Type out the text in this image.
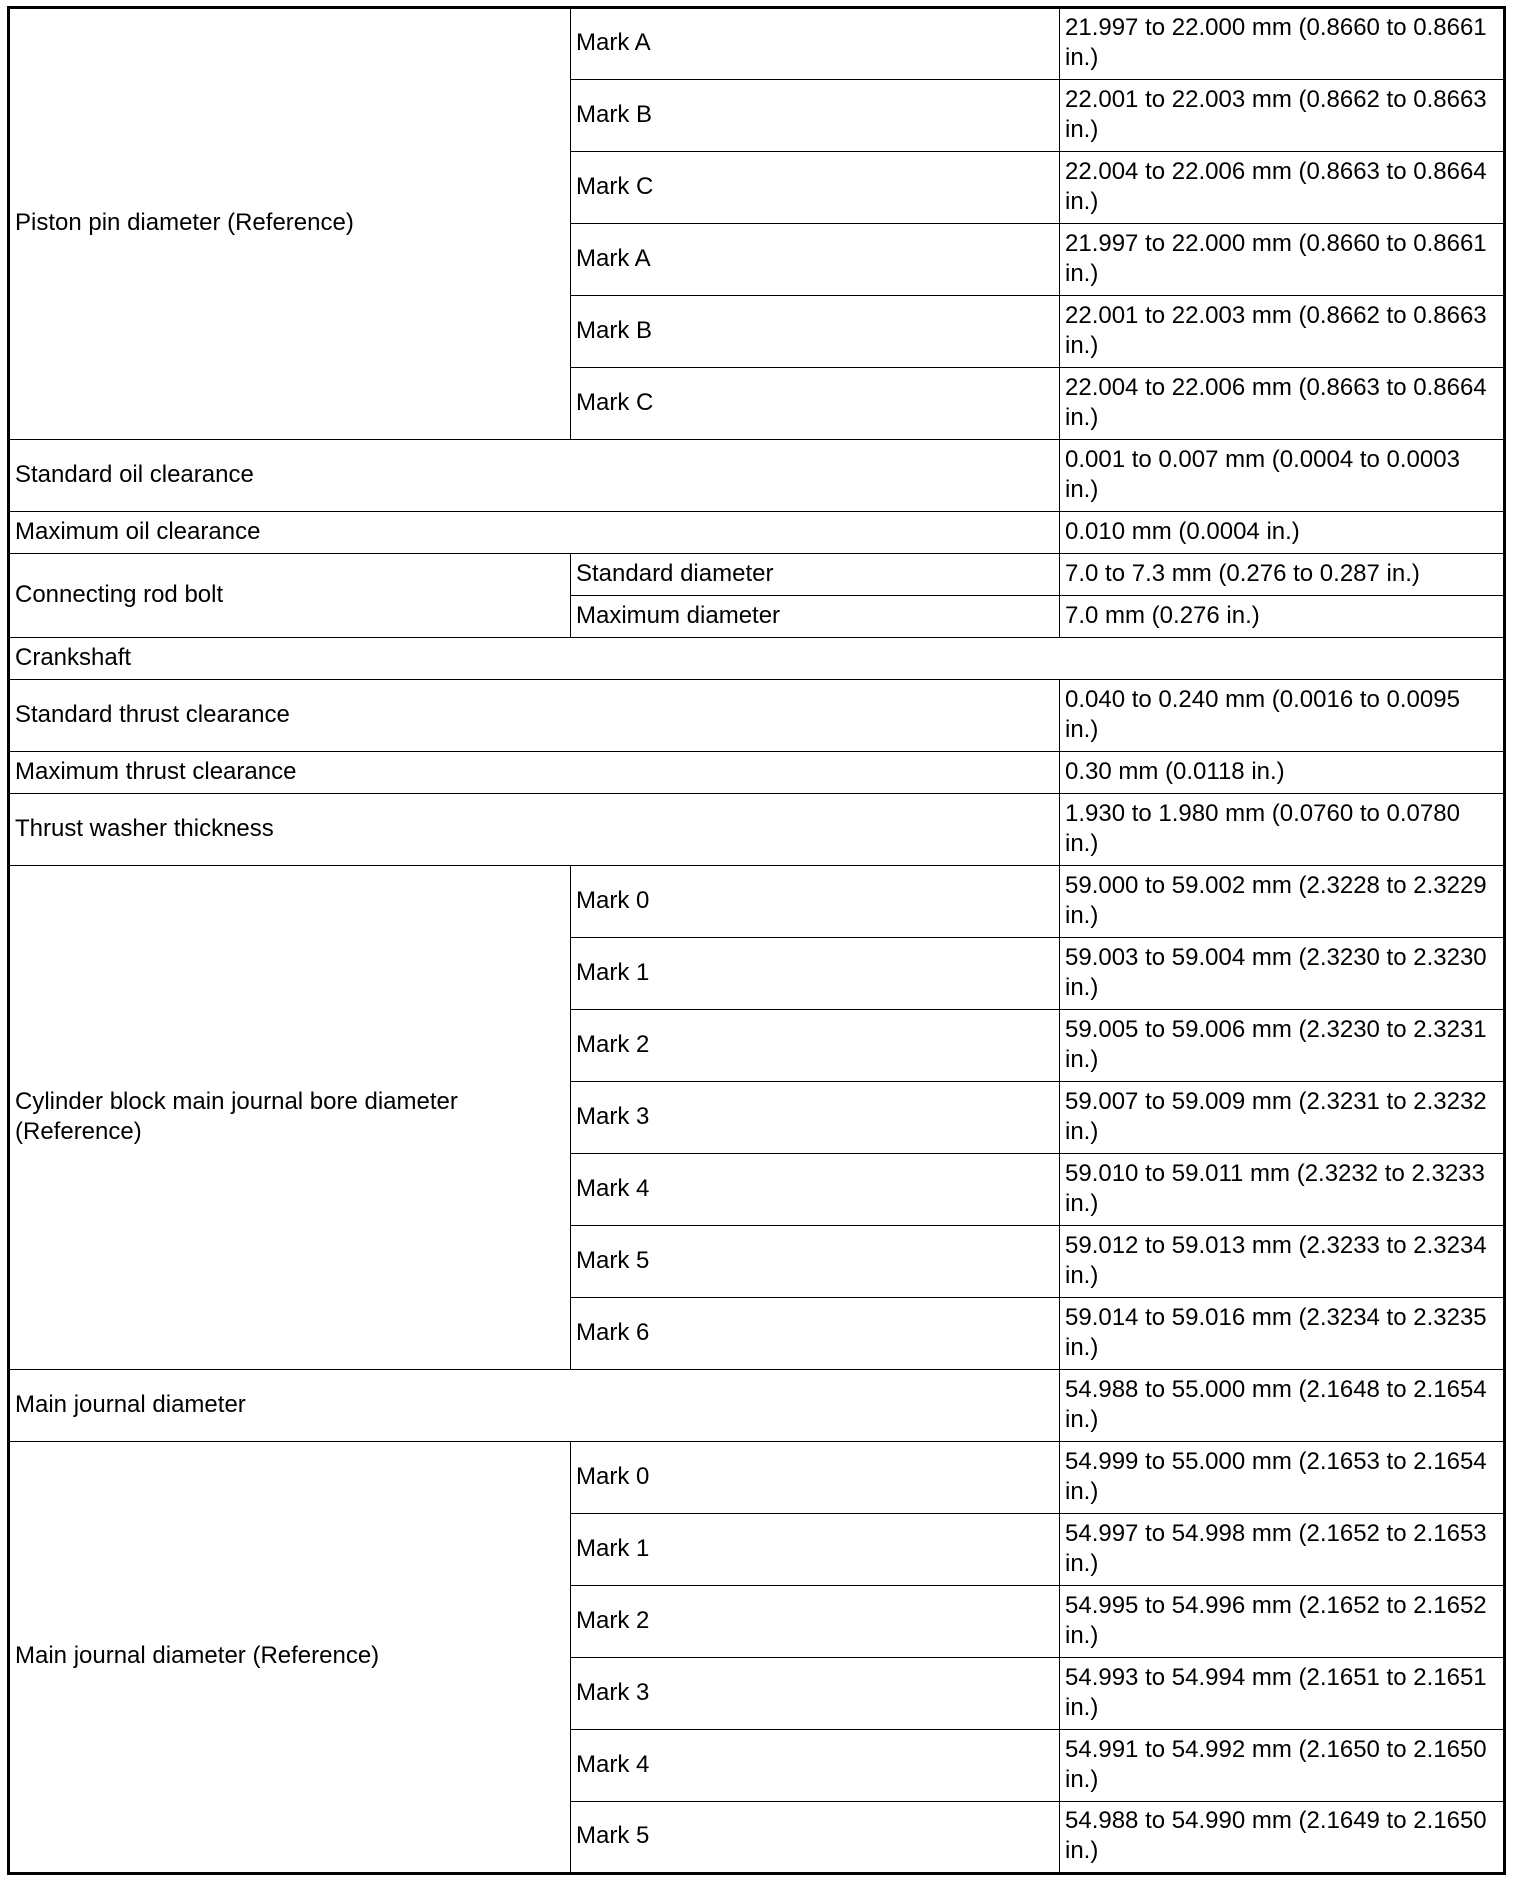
Piston pin diameter (Reference)	Mark A	21.997 to 22.000 mm (0.8660 to 0.8661 in.)
	Mark B	22.001 to 22.003 mm (0.8662 to 0.8663 in.)
	Mark C	22.004 to 22.006 mm (0.8663 to 0.8664 in.)
	Mark A	21.997 to 22.000 mm (0.8660 to 0.8661 in.)
	Mark B	22.001 to 22.003 mm (0.8662 to 0.8663 in.)
	Mark C	22.004 to 22.006 mm (0.8663 to 0.8664 in.)
Standard oil clearance		0.001 to 0.007 mm (0.0004 to 0.0003 in.)
Maximum oil clearance		0.010 mm (0.0004 in.)
Connecting rod bolt	Standard diameter	7.0 to 7.3 mm (0.276 to 0.287 in.)
	Maximum diameter	7.0 mm (0.276 in.)
Crankshaft		
Standard thrust clearance		0.040 to 0.240 mm (0.0016 to 0.0095 in.)
Maximum thrust clearance		0.30 mm (0.0118 in.)
Thrust washer thickness		1.930 to 1.980 mm (0.0760 to 0.0780 in.)
Cylinder block main journal bore diameter (Reference)	Mark 0	59.000 to 59.002 mm (2.3228 to 2.3229 in.)
	Mark 1	59.003 to 59.004 mm (2.3230 to 2.3230 in.)
	Mark 2	59.005 to 59.006 mm (2.3230 to 2.3231 in.)
	Mark 3	59.007 to 59.009 mm (2.3231 to 2.3232 in.)
	Mark 4	59.010 to 59.011 mm (2.3232 to 2.3233 in.)
	Mark 5	59.012 to 59.013 mm (2.3233 to 2.3234 in.)
	Mark 6	59.014 to 59.016 mm (2.3234 to 2.3235 in.)
Main journal diameter		54.988 to 55.000 mm (2.1648 to 2.1654 in.)
Main journal diameter (Reference)	Mark 0	54.999 to 55.000 mm (2.1653 to 2.1654 in.)
	Mark 1	54.997 to 54.998 mm (2.1652 to 2.1653 in.)
	Mark 2	54.995 to 54.996 mm (2.1652 to 2.1652 in.)
	Mark 3	54.993 to 54.994 mm (2.1651 to 2.1651 in.)
	Mark 4	54.991 to 54.992 mm (2.1650 to 2.1650 in.)
	Mark 5	54.988 to 54.990 mm (2.1649 to 2.1650 in.)
